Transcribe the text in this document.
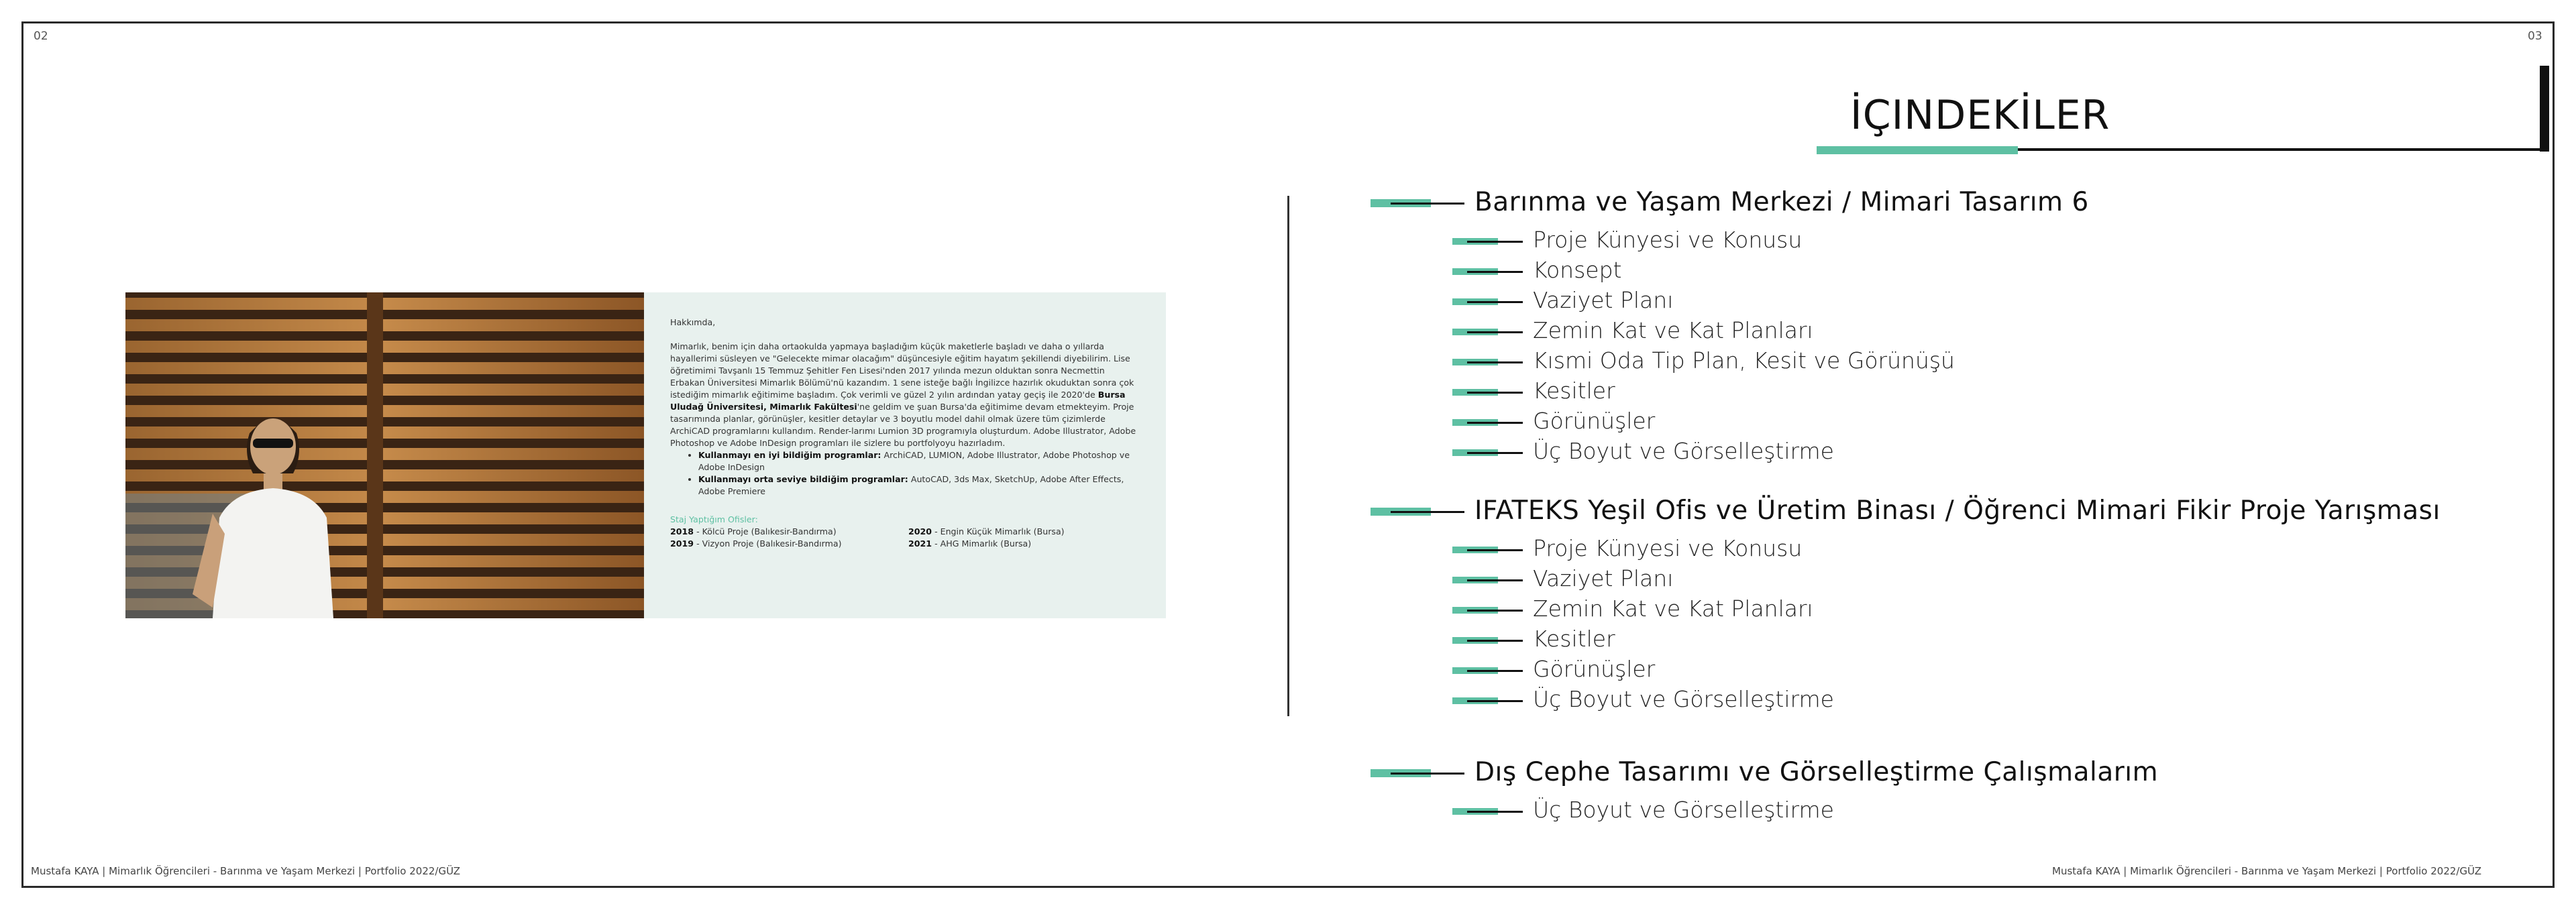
02	03

Hakkımda,

Mimarlık, benim için daha ortaokulda yapmaya başladığım küçük maketlerle başladı ve daha o yıllarda hayallerimi süsleyen ve "Gelecekte mimar olacağım" düşüncesiyle eğitim hayatım şekillendi diyebilirim. Lise öğretimimi Tavşanlı 15 Temmuz Şehitler Fen Lisesi'nden 2017 yılında mezun olduktan sonra Necmettin Erbakan Üniversitesi Mimarlık Bölümü'nü kazandım. 1 sene isteğe bağlı İngilizce hazırlık okuduktan sonra çok istediğim mimarlık eğitimime başladım. Çok verimli ve güzel 2 yılın ardından yatay geçiş ile 2020'de Bursa Uludağ Üniversitesi, Mimarlık Fakültesi'ne geldim ve şuan Bursa'da eğitimime devam etmekteyim. Proje tasarımında planlar, görünüşler, kesitler detaylar ve 3 boyutlu model dahil olmak üzere tüm çizimlerde ArchiCAD programlarını kullandım. Render-larımı Lumion 3D programıyla oluşturdum. Adobe Illustrator, Adobe Photoshop ve Adobe InDesign programları ile sizlere bu portfolyoyu hazırladım.

• Kullanmayı en iyi bildiğim programlar: ArchiCAD, LUMION, Adobe Illustrator, Adobe Photoshop ve Adobe InDesign
• Kullanmayı orta seviye bildiğim programlar: AutoCAD, 3ds Max, SketchUp, Adobe After Effects, Adobe Premiere
Staj Yaptığım Ofisler:
2018 - Kölcü Proje (Balıkesir-Bandırma)	2020 - Engin Küçük Mimarlık (Bursa)
2019 - Vizyon Proje (Balıkesir-Bandırma)	2021 - AHG Mimarlık (Bursa)
İÇINDEKİLER
Barınma ve Yaşam Merkezi / Mimari Tasarım 6
Proje Künyesi ve Konusu
Konsept
Vaziyet Planı
Zemin Kat ve Kat Planları
Kısmi Oda Tip Plan, Kesit ve Görünüşü
Kesitler
Görünüşler
Üç Boyut ve Görselleştirme
IFATEKS Yeşil Ofis ve Üretim Binası / Öğrenci Mimari Fikir Proje Yarışması
Proje Künyesi ve Konusu
Vaziyet Planı
Zemin Kat ve Kat Planları
Kesitler
Görünüşler
Üç Boyut ve Görselleştirme
Dış Cephe Tasarımı ve Görselleştirme Çalışmalarım
Üç Boyut ve Görselleştirme
Mustafa KAYA | Mimarlık Öğrencileri - Barınma ve Yaşam Merkezi | Portfolio 2022/GÜZ	Mustafa KAYA | Mimarlık Öğrencileri - Barınma ve Yaşam Merkezi | Portfolio 2022/GÜZ
